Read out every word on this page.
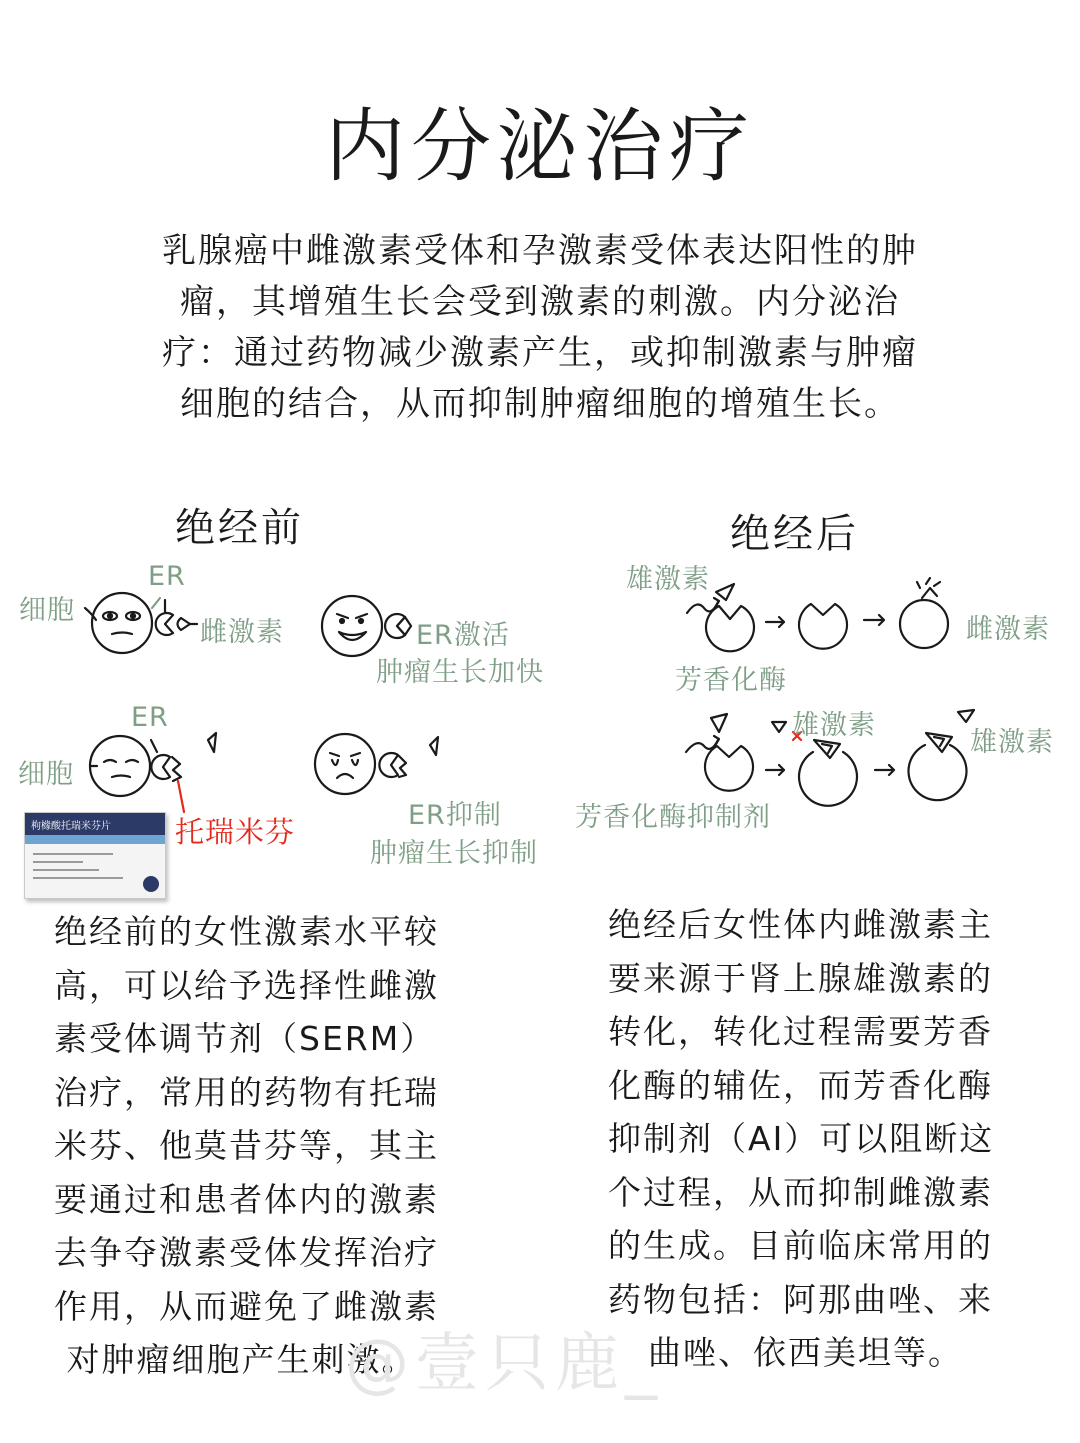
内分泌治疗
乳腺癌中雌激素受体和孕激素受体表达阳性的肿
瘤，其增殖生长会受到激素的刺激。内分泌治
疗：通过药物减少激素产生，或抑制激素与肿瘤
细胞的结合，从而抑制肿瘤细胞的增殖生长。
绝经前	绝经后
ER
细胞
雌激素	ER激活
肿瘤生长加快
ER
细胞
托瑞米芬	ER抑制
肿瘤生长抑制
枸橼酸托瑞米芬片
雄激素
雌激素
芳香化酶
雄激素
雄激素
芳香化酶抑制剂
绝经前的女性激素水平较
高，可以给予选择性雌激
素受体调节剂（SERM）
治疗，常用的药物有托瑞
米芬、他莫昔芬等，其主
要通过和患者体内的激素
去争夺激素受体发挥治疗
作用，从而避免了雌激素
对肿瘤细胞产生刺激。
绝经后女性体内雌激素主
要来源于肾上腺雄激素的
转化，转化过程需要芳香
化酶的辅佐，而芳香化酶
抑制剂（AI）可以阻断这
个过程，从而抑制雌激素
的生成。目前临床常用的
药物包括：阿那曲唑、来
曲唑、依西美坦等。
@壹只鹿_
